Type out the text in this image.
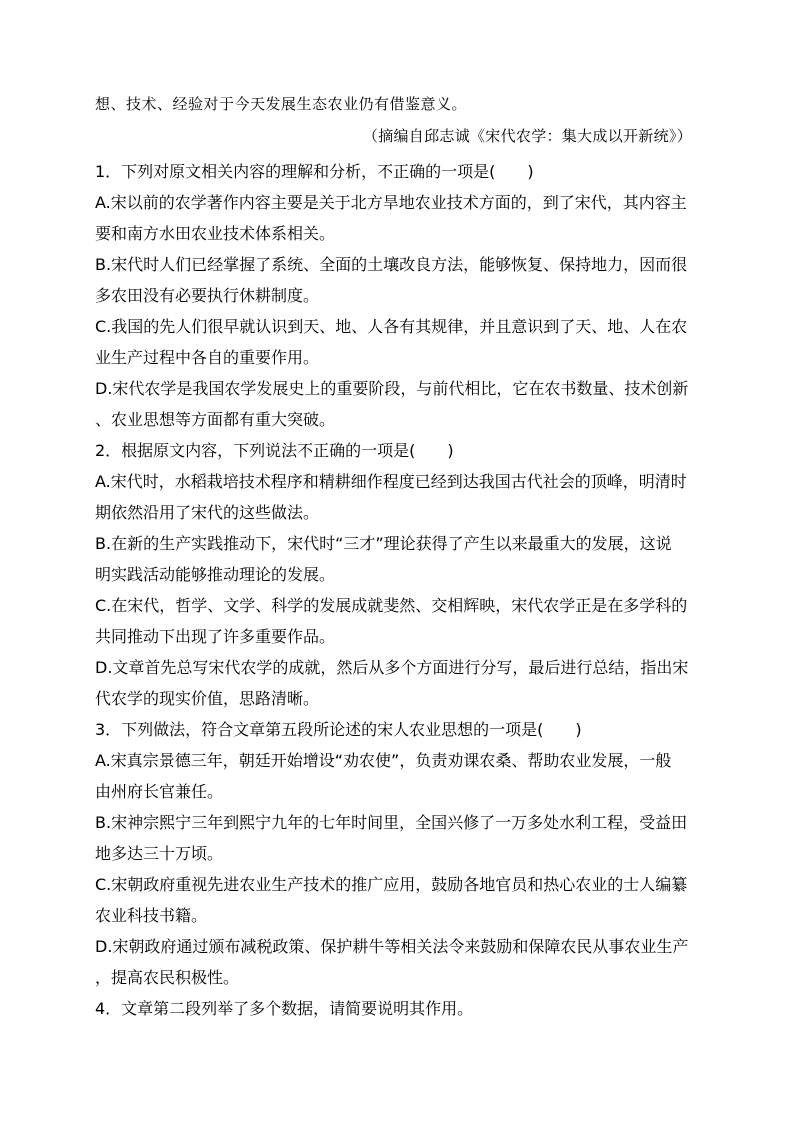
想、技术、经验对于今天发展生态农业仍有借鉴意义。
（摘编自邱志诚《宋代农学：集大成以开新统》）
1．下列对原文相关内容的理解和分析，不正确的一项是(　　)
A.宋以前的农学著作内容主要是关于北方旱地农业技术方面的，到了宋代，其内容主
要和南方水田农业技术体系相关。
B.宋代时人们已经掌握了系统、全面的土壤改良方法，能够恢复、保持地力，因而很
多农田没有必要执行休耕制度。
C.我国的先人们很早就认识到天、地、人各有其规律，并且意识到了天、地、人在农
业生产过程中各自的重要作用。
D.宋代农学是我国农学发展史上的重要阶段，与前代相比，它在农书数量、技术创新
、农业思想等方面都有重大突破。
2．根据原文内容，下列说法不正确的一项是(　　)
A.宋代时，水稻栽培技术程序和精耕细作程度已经到达我国古代社会的顶峰，明清时
期依然沿用了宋代的这些做法。
B.在新的生产实践推动下，宋代时“三才”理论获得了产生以来最重大的发展，这说
明实践活动能够推动理论的发展。
C.在宋代，哲学、文学、科学的发展成就斐然、交相辉映，宋代农学正是在多学科的
共同推动下出现了许多重要作品。
D.文章首先总写宋代农学的成就，然后从多个方面进行分写，最后进行总结，指出宋
代农学的现实价值，思路清晰。
3．下列做法，符合文章第五段所论述的宋人农业思想的一项是(　　)
A.宋真宗景德三年，朝廷开始增设“劝农使”，负责劝课农桑、帮助农业发展，一般
由州府长官兼任。
B.宋神宗熙宁三年到熙宁九年的七年时间里，全国兴修了一万多处水利工程，受益田
地多达三十万顷。
C.宋朝政府重视先进农业生产技术的推广应用，鼓励各地官员和热心农业的士人编纂
农业科技书籍。
D.宋朝政府通过颁布减税政策、保护耕牛等相关法令来鼓励和保障农民从事农业生产
，提高农民积极性。
4．文章第二段列举了多个数据，请简要说明其作用。
